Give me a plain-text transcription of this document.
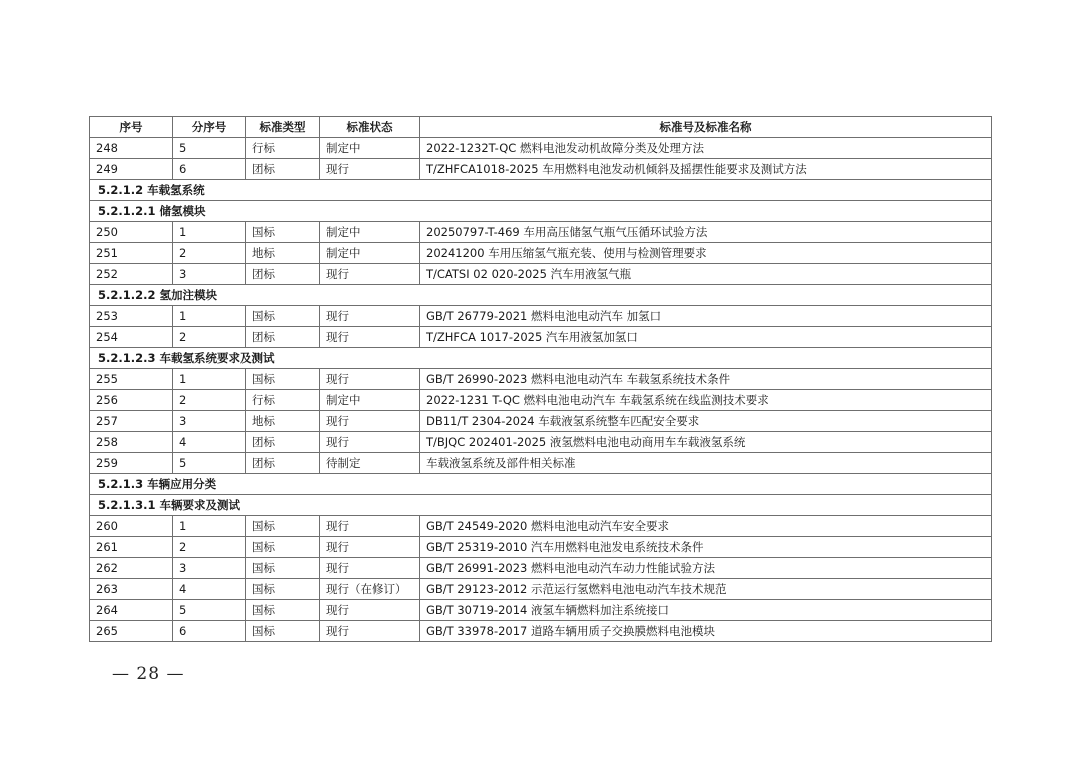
序号	分序号	标准类型	标准状态	标准号及标准名称
248	5	行标	制定中	2022-1232T-QC 燃料电池发动机故障分类及处理方法
249	6	团标	现行	T/ZHFCA1018-2025 车用燃料电池发动机倾斜及摇摆性能要求及测试方法
5.2.1.2 车载氢系统				
5.2.1.2.1 储氢模块				
250	1	国标	制定中	20250797-T-469 车用高压储氢气瓶气压循环试验方法
251	2	地标	制定中	20241200 车用压缩氢气瓶充装、使用与检测管理要求
252	3	团标	现行	T/CATSI 02 020-2025 汽车用液氢气瓶
5.2.1.2.2 氢加注模块				
253	1	国标	现行	GB/T 26779-2021 燃料电池电动汽车 加氢口
254	2	团标	现行	T/ZHFCA 1017-2025 汽车用液氢加氢口
5.2.1.2.3 车载氢系统要求及测试				
255	1	国标	现行	GB/T 26990-2023 燃料电池电动汽车 车载氢系统技术条件
256	2	行标	制定中	2022-1231 T-QC 燃料电池电动汽车 车载氢系统在线监测技术要求
257	3	地标	现行	DB11/T 2304-2024 车载液氢系统整车匹配安全要求
258	4	团标	现行	T/BJQC 202401-2025 液氢燃料电池电动商用车车载液氢系统
259	5	团标	待制定	车载液氢系统及部件相关标准
5.2.1.3 车辆应用分类				
5.2.1.3.1 车辆要求及测试				
260	1	国标	现行	GB/T 24549-2020 燃料电池电动汽车安全要求
261	2	国标	现行	GB/T 25319-2010 汽车用燃料电池发电系统技术条件
262	3	国标	现行	GB/T 26991-2023 燃料电池电动汽车动力性能试验方法
263	4	国标	现行（在修订）	GB/T 29123-2012 示范运行氢燃料电池电动汽车技术规范
264	5	国标	现行	GB/T 30719-2014 液氢车辆燃料加注系统接口
265	6	国标	现行	GB/T 33978-2017 道路车辆用质子交换膜燃料电池模块
— 28 —
